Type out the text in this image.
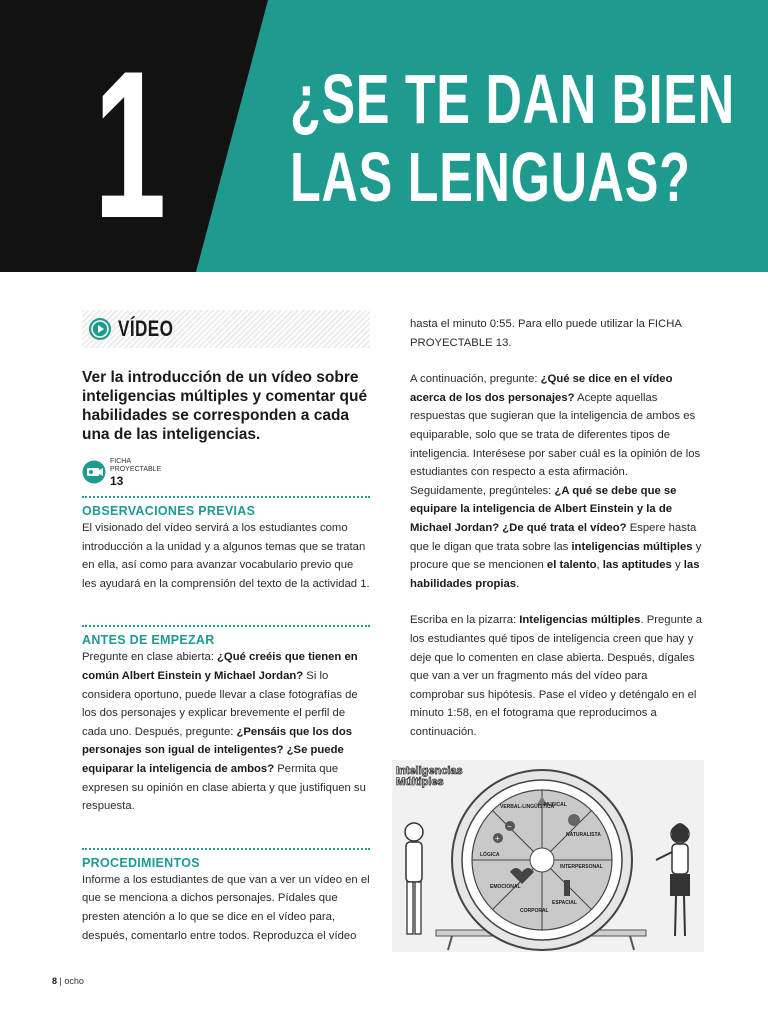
1 ¿SE TE DAN BIEN
LAS LENGUAS?
VÍDEO

Ver la introducción de un vídeo sobre inteligencias múltiples y comentar qué habilidades se corresponden a cada una de las inteligencias.

FICHA
PROYECTABLE
13
OBSERVACIONES PREVIAS

El visionado del vídeo servirá a los estudiantes como introducción a la unidad y a algunos temas que se tratan en ella, así como para avanzar vocabulario previo que les ayudará en la comprensión del texto de la actividad 1.

ANTES DE EMPEZAR

Pregunte en clase abierta: ¿Qué creéis que tienen en común Albert Einstein y Michael Jordan? Si lo considera oportuno, puede llevar a clase fotografías de los dos personajes y explicar brevemente el perfil de cada uno. Después, pregunte: ¿Pensáis que los dos personajes son igual de inteligentes? ¿Se puede equiparar la inteligencia de ambos? Permita que expresen su opinión en clase abierta y que justifiquen su respuesta.

PROCEDIMIENTOS

Informe a los estudiantes de que van a ver un vídeo en el que se menciona a dichos personajes. Pídales que presten atención a lo que se dice en el vídeo para, después, comentarlo entre todos. Reproduzca el vídeo

hasta el minuto 0:55. Para ello puede utilizar la FICHA PROYECTABLE 13.

A continuación, pregunte: ¿Qué se dice en el vídeo acerca de los dos personajes? Acepte aquellas respuestas que sugieran que la inteligencia de ambos es equiparable, solo que se trata de diferentes tipos de inteligencia. Interésese por saber cuál es la opinión de los estudiantes con respecto a esta afirmación. Seguidamente, pregúnteles: ¿A qué se debe que se equipare la inteligencia de Albert Einstein y la de Michael Jordan? ¿De qué trata el vídeo? Espere hasta que le digan que trata sobre las inteligencias múltiples y procure que se mencionen el talento, las aptitudes y las habilidades propias.

Escriba en la pizarra: Inteligencias múltiples. Pregunte a los estudiantes qué tipos de inteligencia creen que hay y deje que lo comenten en clase abierta. Después, dígales que van a ver un fragmento más del vídeo para comprobar sus hipótesis. Pase el vídeo y deténgalo en el minuto 1:58, en el fotograma que reproducimos a continuación.

+
−
Inteligencias
Múltiples
VERBAL-LINGÜÍSTICA
MUSICAL
NATURALISTA
LÓGICA
INTERPERSONAL
EMOCIONAL
CORPORAL
ESPACIAL
8 | ocho
